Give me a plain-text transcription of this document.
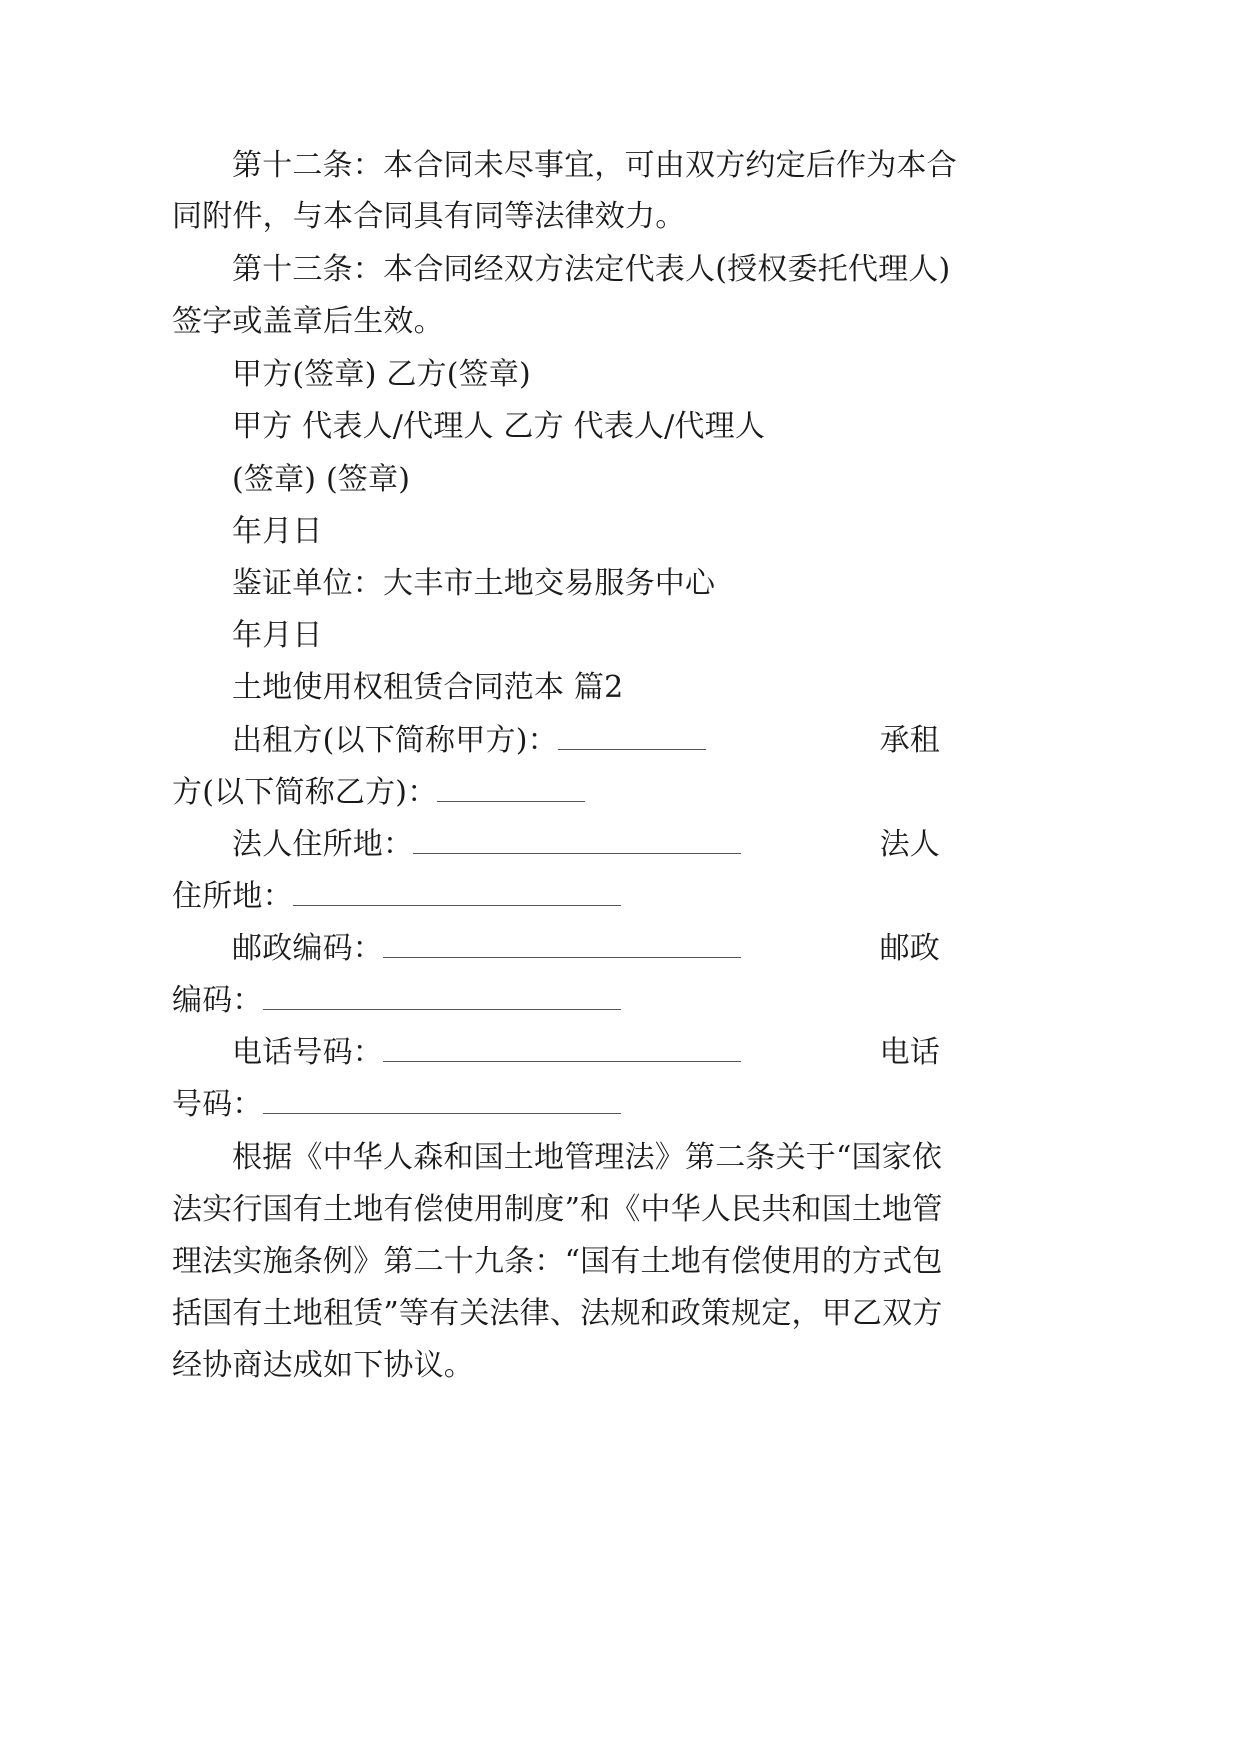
第十二条：本合同未尽事宜，可由双方约定后作为本合
同附件，与本合同具有同等法律效力。
第十三条：本合同经双方法定代表人(授权委托代理人)
签字或盖章后生效。
甲方(签章) 乙方(签章)
甲方 代表人/代理人 乙方 代表人/代理人
(签章) (签章)
年月日
鉴证单位：大丰市土地交易服务中心
年月日
土地使用权租赁合同范本 篇2
出租方(以下简称甲方)：	承租
方(以下简称乙方)：
法人住所地：	法人
住所地：
邮政编码：	邮政
编码：
电话号码：	电话
号码：
根据《中华人森和国土地管理法》第二条关于“国家依
法实行国有土地有偿使用制度”和《中华人民共和国土地管
理法实施条例》第二十九条：“国有土地有偿使用的方式包
括国有土地租赁”等有关法律、法规和政策规定，甲乙双方
经协商达成如下协议。
